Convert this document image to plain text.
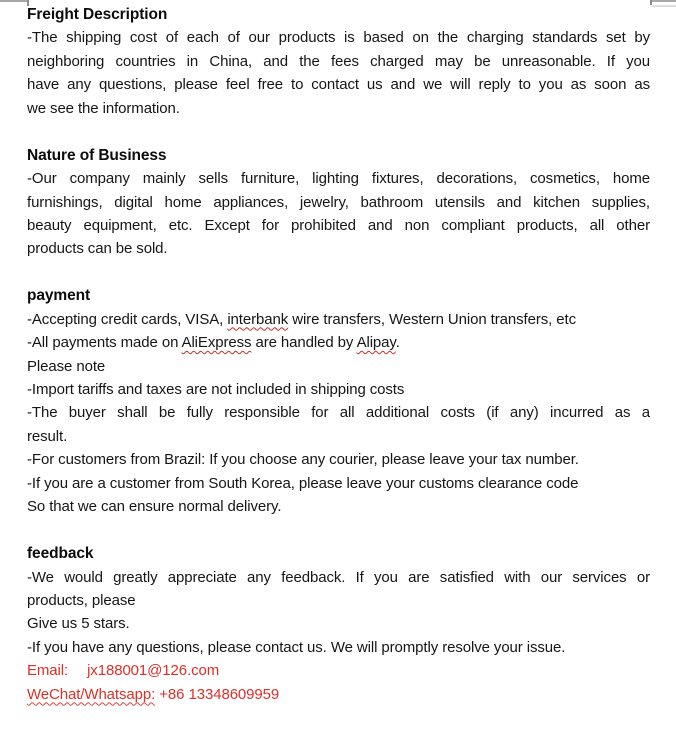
Freight Description
-The shipping cost of each of our products is based on the charging standards set by
neighboring countries in China, and the fees charged may be unreasonable. If you
have any questions, please feel free to contact us and we will reply to you as soon as
we see the information.
Nature of Business
-Our company mainly sells furniture, lighting fixtures, decorations, cosmetics, home
furnishings, digital home appliances, jewelry, bathroom utensils and kitchen supplies,
beauty equipment, etc. Except for prohibited and non compliant products, all other
products can be sold.
payment
-Accepting credit cards, VISA, interbank wire transfers, Western Union transfers, etc
-All payments made on AliExpress are handled by Alipay.
Please note
-Import tariffs and taxes are not included in shipping costs
-The buyer shall be fully responsible for all additional costs (if any) incurred as a
result.
-For customers from Brazil: If you choose any courier, please leave your tax number.
-If you are a customer from South Korea, please leave your customs clearance code
So that we can ensure normal delivery.
feedback
-We would greatly appreciate any feedback. If you are satisfied with our services or
products, please
Give us 5 stars.
-If you have any questions, please contact us. We will promptly resolve your issue.
Email: jx188001@126.com
WeChat/Whatsapp: +86 13348609959
